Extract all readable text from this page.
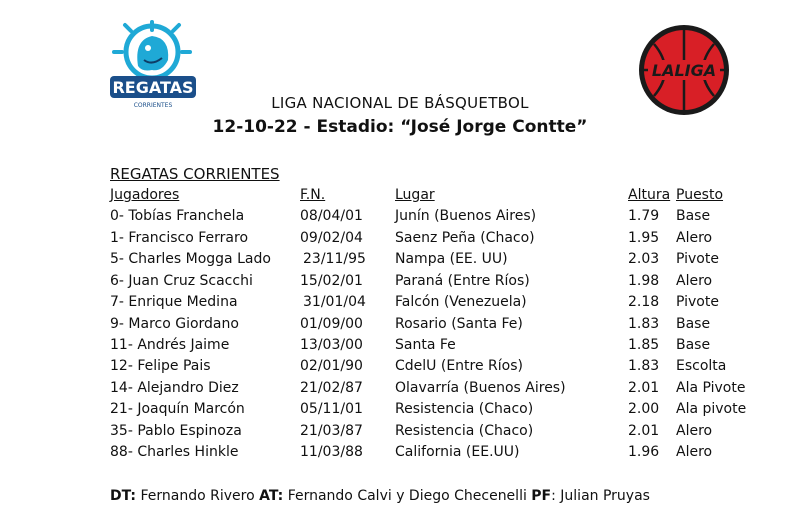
REGATAS
CORRIENTES
LALIGA
LIGA NACIONAL DE BÁSQUETBOL
12-10-22 - Estadio: “José Jorge Contte”
REGATAS CORRIENTES
Jugadores	F.N.	Lugar	Altura Puesto
0- Tobías Franchela	08/04/01 Junín (Buenos Aires)	1.79 Base
1- Francisco Ferraro	09/02/04 Saenz Peña (Chaco)	1.95 Alero
5- Charles Mogga Lado 23/11/95 Nampa (EE. UU)	2.03 Pivote
6- Juan Cruz Scacchi	15/02/01 Paraná (Entre Ríos)	1.98 Alero
7- Enrique Medina	31/01/04 Falcón (Venezuela)	2.18 Pivote
9- Marco Giordano	01/09/00 Rosario (Santa Fe)	1.83 Base
11- Andrés Jaime	13/03/00 Santa Fe	1.85 Base
12- Felipe Pais	02/01/90 CdelU (Entre Ríos)	1.83 Escolta
14- Alejandro Diez	21/02/87 Olavarría (Buenos Aires)	2.01 Ala Pivote
21- Joaquín Marcón	05/11/01 Resistencia (Chaco)	2.00 Ala pivote
35- Pablo Espinoza	21/03/87 Resistencia (Chaco)	2.01 Alero
88- Charles Hinkle	11/03/88 California (EE.UU)	1.96 Alero
DT: Fernando Rivero AT: Fernando Calvi y Diego Checenelli PF: Julian Pruyas
